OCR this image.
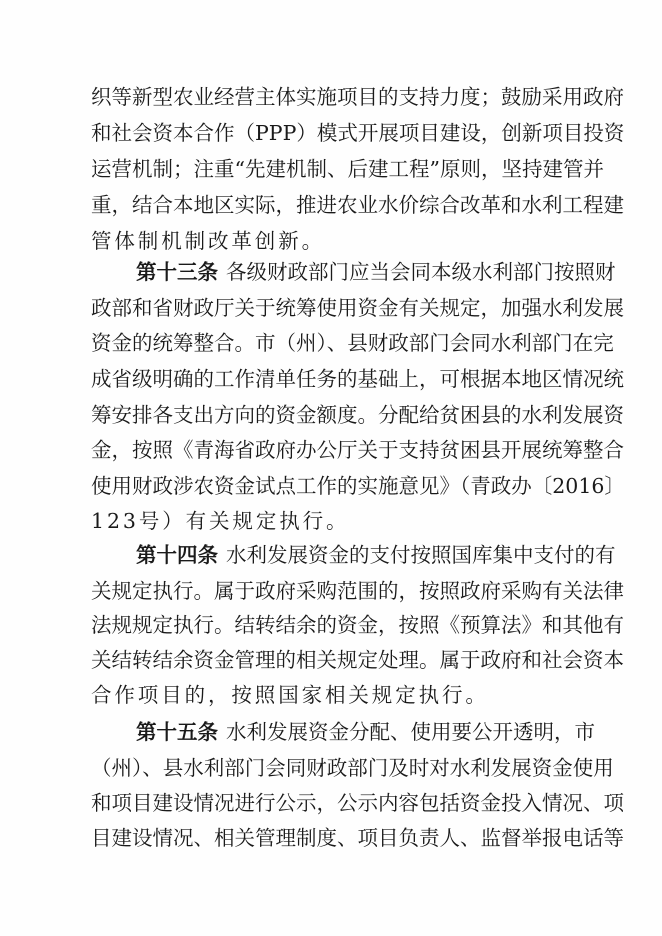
织等新型农业经营主体实施项目的支持力度；鼓励采用政府
和社会资本合作（PPP）模式开展项目建设，创新项目投资
运营机制；注重“先建机制、后建工程”原则，坚持建管并
重，结合本地区实际，推进农业水价综合改革和水利工程建
管体制机制改革创新。
第十三条 各级财政部门应当会同本级水利部门按照财
政部和省财政厅关于统筹使用资金有关规定，加强水利发展
资金的统筹整合。市（州）、县财政部门会同水利部门在完
成省级明确的工作清单任务的基础上，可根据本地区情况统
筹安排各支出方向的资金额度。分配给贫困县的水利发展资
金，按照《青海省政府办公厅关于支持贫困县开展统筹整合
使用财政涉农资金试点工作的实施意见》（青政办〔2016〕
123号）有关规定执行。
第十四条 水利发展资金的支付按照国库集中支付的有
关规定执行。属于政府采购范围的，按照政府采购有关法律
法规规定执行。结转结余的资金，按照《预算法》和其他有
关结转结余资金管理的相关规定处理。属于政府和社会资本
合作项目的，按照国家相关规定执行。
第十五条 水利发展资金分配、使用要公开透明，市
（州）、县水利部门会同财政部门及时对水利发展资金使用
和项目建设情况进行公示，公示内容包括资金投入情况、项
目建设情况、相关管理制度、项目负责人、监督举报电话等
